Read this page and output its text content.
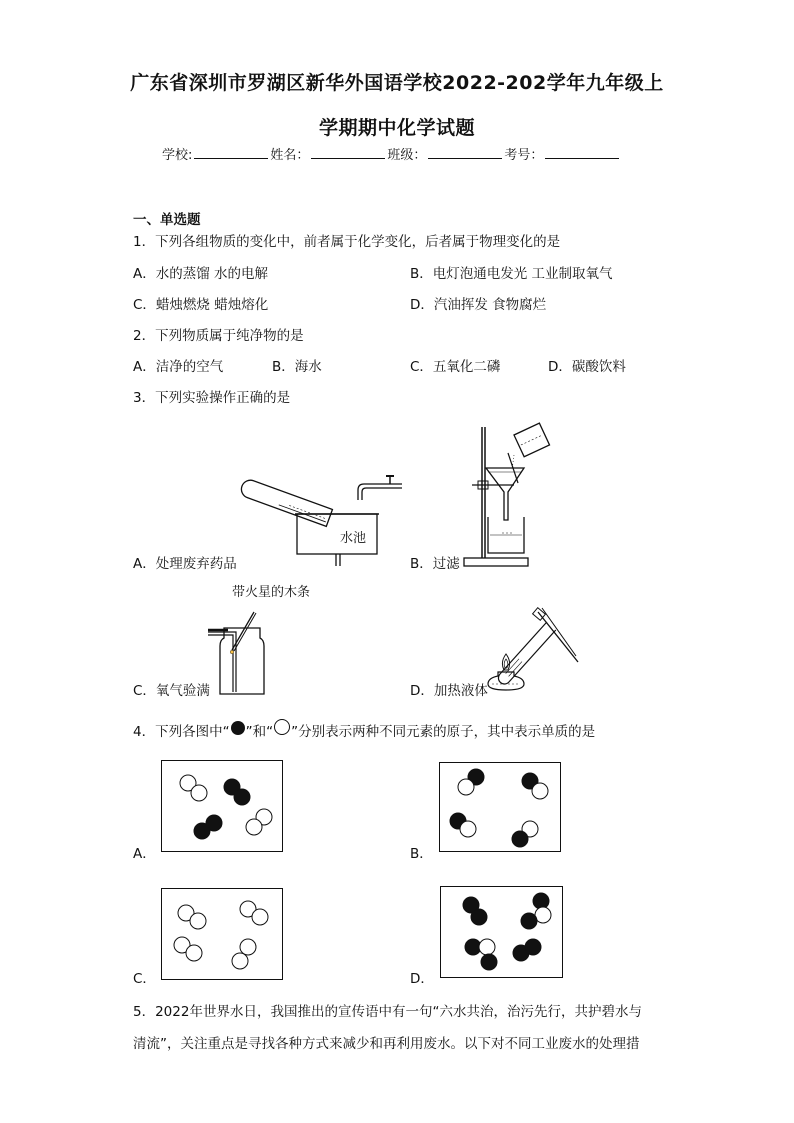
广东省深圳市罗湖区新华外国语学校2022-202学年九年级上
学期期中化学试题
学校:	姓名：	班级：	考号：
一、单选题
1．下列各组物质的变化中，前者属于化学变化，后者属于物理变化的是
A．水的蒸馏 水的电解	B．电灯泡通电发光 工业制取氧气
C．蜡烛燃烧 蜡烛熔化	D．汽油挥发 食物腐烂
2．下列物质属于纯净物的是
A．洁净的空气	B．海水	C．五氧化二磷	D．碳酸饮料
3．下列实验操作正确的是
水池
A．处理废弃药品	B．过滤
带火星的木条
C．氧气验满	D．加热液体
4．下列各图中“ ”和“ ”分别表示两种不同元素的原子，其中表示单质的是
A．	B．
C．	D．
5．2022年世界水日，我国推出的宣传语中有一句“六水共治，治污先行，共护碧水与
清流”，关注重点是寻找各种方式来减少和再利用废水。以下对不同工业废水的处理措
